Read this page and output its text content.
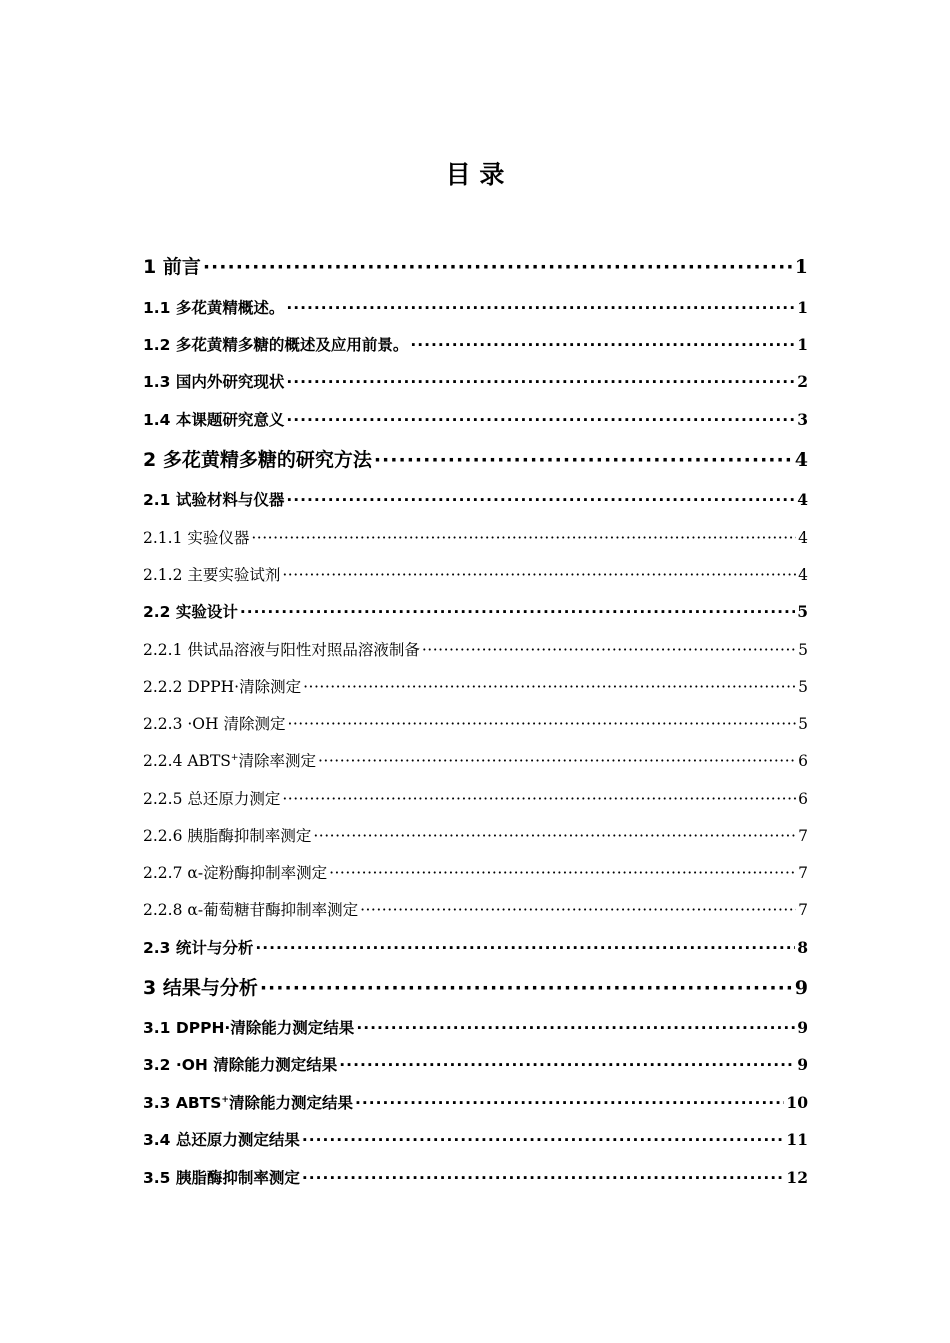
目 录
1 前言 ·····	1
1.1 多花黄精概述。 ·····	1
1.2 多花黄精多糖的概述及应用前景。 ·····	1
1.3 国内外研究现状 ·····	2
1.4 本课题研究意义 ·····	3
2 多花黄精多糖的研究方法 ·····	4
2.1 试验材料与仪器 ·····	4
2.1.1 实验仪器 ·····	4
2.1.2 主要实验试剂 ·····	4
2.2 实验设计 ·····	5
2.2.1 供试品溶液与阳性对照品溶液制备 ·····	5
2.2.2 DPPH·清除测定 ·····	5
2.2.3 ·OH 清除测定 ·····	5
2.2.4 ABTS+清除率测定 ·····	6
2.2.5 总还原力测定 ·····	6
2.2.6 胰脂酶抑制率测定 ·····	7
2.2.7 α-淀粉酶抑制率测定 ·····	7
2.2.8 α-葡萄糖苷酶抑制率测定 ·····	7
2.3 统计与分析 ·····	8
3 结果与分析 ·····	9
3.1 DPPH·清除能力测定结果 ·····	9
3.2 ·OH 清除能力测定结果 ·····	9
3.3 ABTS+清除能力测定结果 ·····	10
3.4 总还原力测定结果 ·····	11
3.5 胰脂酶抑制率测定 ·····	12
